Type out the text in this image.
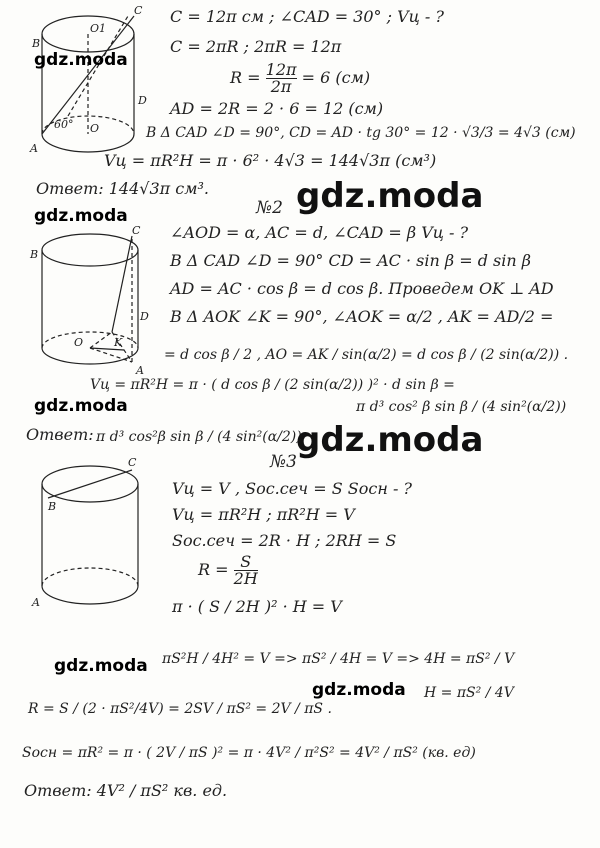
C
B
O1
A
D
O
60°
C = 12π см ; ∠CAD = 30° ; Vц - ?
C = 2πR ; 2πR = 12π
$R = \frac{12\pi}{2\pi} = 6$ (см)
AD = 2R = 2 · 6 = 12 (см)
В Δ CAD ∠D = 90°, CD = AD · tg 30° = 12 · √3/3 = 4√3 (см)
Vц = πR²H = π · 6² · 4√3 = 144√3π (см³)
Ответ: 144√3π см³.
gdz.moda
gdz.moda
gdz.moda	№2
C
B
A
D
O	K
∠AOD = α, AC = d, ∠CAD = β Vц - ?
В Δ CAD ∠D = 90° CD = AC · sin β = d sin β
AD = AC · cos β = d cos β. Проведем OK ⊥ AD
В Δ AOK ∠K = 90°, ∠AOK = α/2 , AK = AD/2 =
= d cos β / 2 , AO = AK / sin(α/2) = d cos β / (2 sin(α/2)) .
Vц = πR²H = π · ( d cos β / (2 sin(α/2)) )² · d sin β =
π d³ cos² β sin β / (4 sin²(α/2))
Ответ: π d³ cos²β sin β / (4 sin²(α/2))
gdz.moda
gdz.moda
№3
C
B
A
Vц = V , Sос.сеч = S Sосн - ?
Vц = πR²H ; πR²H = V
Sос.сеч = 2R · H ; 2RH = S
$R = \frac{S}{2H}$
π · ( S / 2H )² · H = V
πS²H / 4H² = V => πS² / 4H = V => 4H = πS² / V
H = πS² / 4V
R = S / (2 · πS²/4V) = 2SV / πS² = 2V / πS .
Sосн = πR² = π · ( 2V / πS )² = π · 4V² / π²S² = 4V² / πS² (кв. ед)
Ответ: 4V² / πS² кв. ед.
gdz.moda
gdz.moda
